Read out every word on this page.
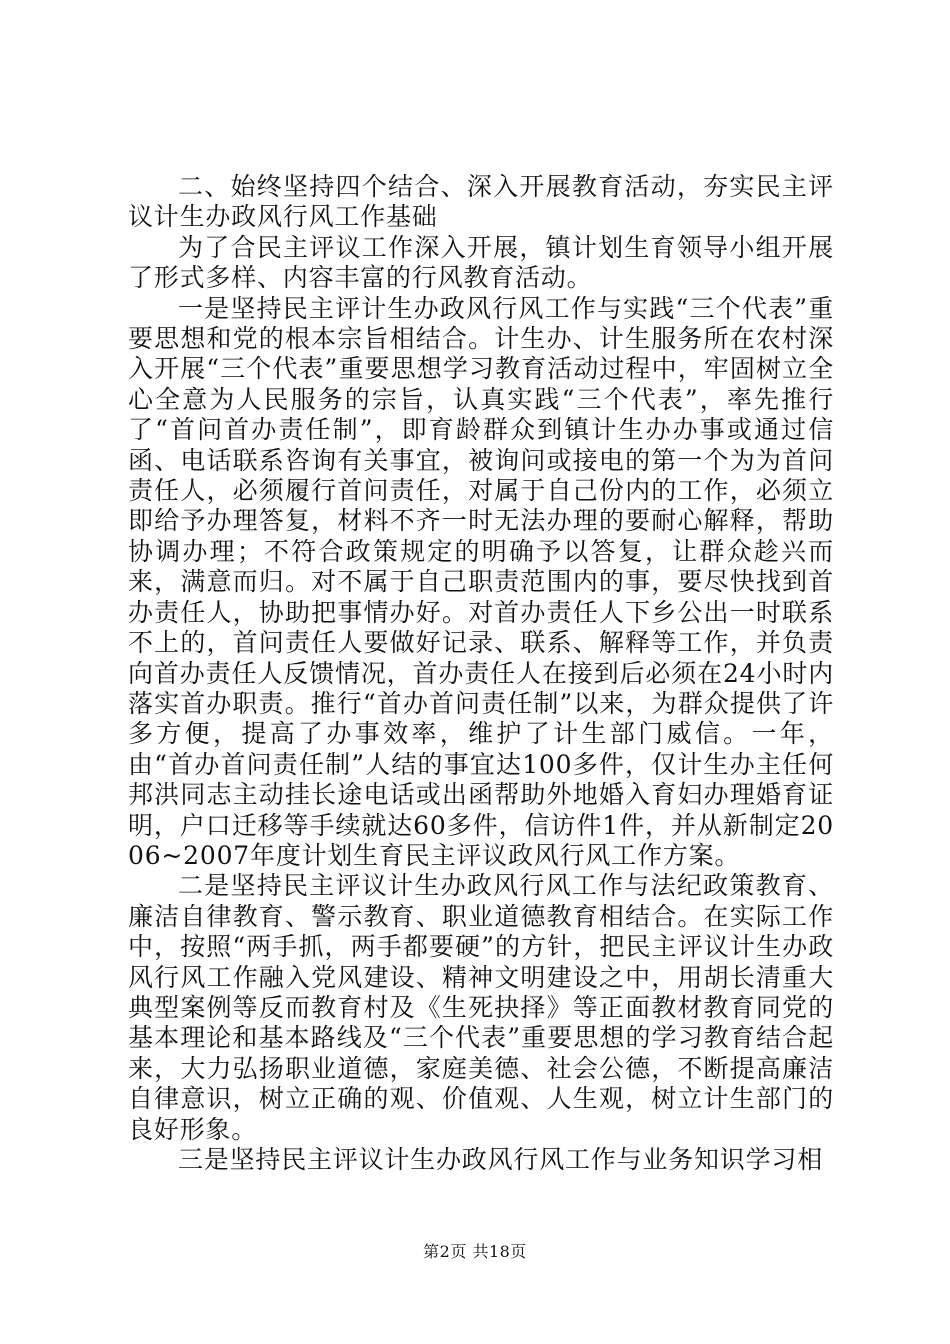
二、始终坚持四个结合、深入开展教育活动，夯实民主评议计生办政风行风工作基础

为了合民主评议工作深入开展，镇计划生育领导小组开展了形式多样、内容丰富的行风教育活动。

一是坚持民主评计生办政风行风工作与实践“三个代表”重要思想和党的根本宗旨相结合。计生办、计生服务所在农村深入开展“三个代表”重要思想学习教育活动过程中，牢固树立全心全意为人民服务的宗旨，认真实践“三个代表”，率先推行了“首问首办责任制”，即育龄群众到镇计生办办事或通过信函、电话联系咨询有关事宜，被询问或接电的第一个为为首问责任人，必须履行首问责任，对属于自己份内的工作，必须立即给予办理答复，材料不齐一时无法办理的要耐心解释，帮助协调办理；不符合政策规定的明确予以答复，让群众趁兴而来，满意而归。对不属于自己职责范围内的事，要尽快找到首办责任人，协助把事情办好。对首办责任人下乡公出一时联系不上的，首问责任人要做好记录、联系、解释等工作，并负责向首办责任人反馈情况，首办责任人在接到后必须在24小时内落实首办职责。推行“首办首问责任制”以来，为群众提供了许多方便，提高了办事效率，维护了计生部门威信。一年，由“首办首问责任制”人结的事宜达100多件，仅计生办主任何邦洪同志主动挂长途电话或出函帮助外地婚入育妇办理婚育证明，户口迁移等手续就达60多件，信访件1件，并从新制定2006~2007年度计划生育民主评议政风行风工作方案。

二是坚持民主评议计生办政风行风工作与法纪政策教育、廉洁自律教育、警示教育、职业道德教育相结合。在实际工作中，按照“两手抓，两手都要硬”的方针，把民主评议计生办政风行风工作融入党风建设、精神文明建设之中，用胡长清重大典型案例等反而教育村及《生死抉择》等正面教材教育同党的基本理论和基本路线及“三个代表”重要思想的学习教育结合起来，大力弘扬职业道德，家庭美德、社会公德，不断提高廉洁自律意识，树立正确的观、价值观、人生观，树立计生部门的良好形象。

三是坚持民主评议计生办政风行风工作与业务知识学习相

第2页 共18页
